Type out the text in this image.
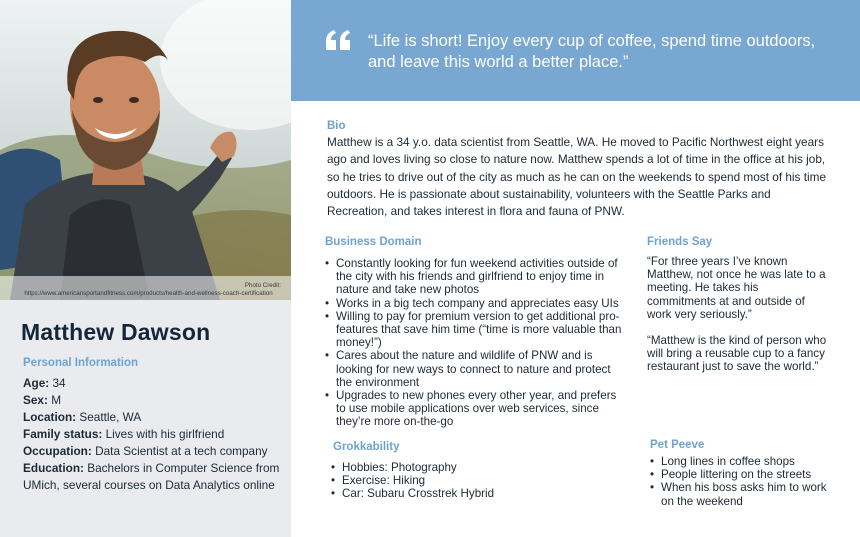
Photo Credit:
https://www.americansportandfitness.com/products/health-and-wellness-coach-certification
Matthew Dawson
Personal Information
Age: 34
Sex: M
Location: Seattle, WA
Family status: Lives with his girlfriend
Occupation: Data Scientist at a tech company
Education: Bachelors in Computer Science from UMich, several courses on Data Analytics online
“Life is short! Enjoy every cup of coffee, spend time outdoors, and leave this world a better place.”
Bio
Matthew is a 34 y.o. data scientist from Seattle, WA. He moved to Pacific Northwest eight years ago and loves living so close to nature now. Matthew spends a lot of time in the office at his job, so he tries to drive out of the city as much as he can on the weekends to spend most of his time outdoors. He is passionate about sustainability, volunteers with the Seattle Parks and Recreation, and takes interest in flora and fauna of PNW.
Business Domain
• Constantly looking for fun weekend activities outside of the city with his friends and girlfriend to enjoy time in nature and take new photos
• Works in a big tech company and appreciates easy UIs
• Willing to pay for premium version to get additional pro-features that save him time (“time is more valuable than money!”)
• Cares about the nature and wildlife of PNW and is looking for new ways to connect to nature and protect the environment
• Upgrades to new phones every other year, and prefers to use mobile applications over web services, since they’re more on-the-go
Friends Say

“For three years I’ve known Matthew, not once he was late to a meeting. He takes his commitments at and outside of work very seriously.”

“Matthew is the kind of person who will bring a reusable cup to a fancy restaurant just to save the world.”

Grokkability
• Hobbies: Photography
• Exercise: Hiking
• Car: Subaru Crosstrek Hybrid
Pet Peeve
• Long lines in coffee shops
• People littering on the streets
• When his boss asks him to work on the weekend
